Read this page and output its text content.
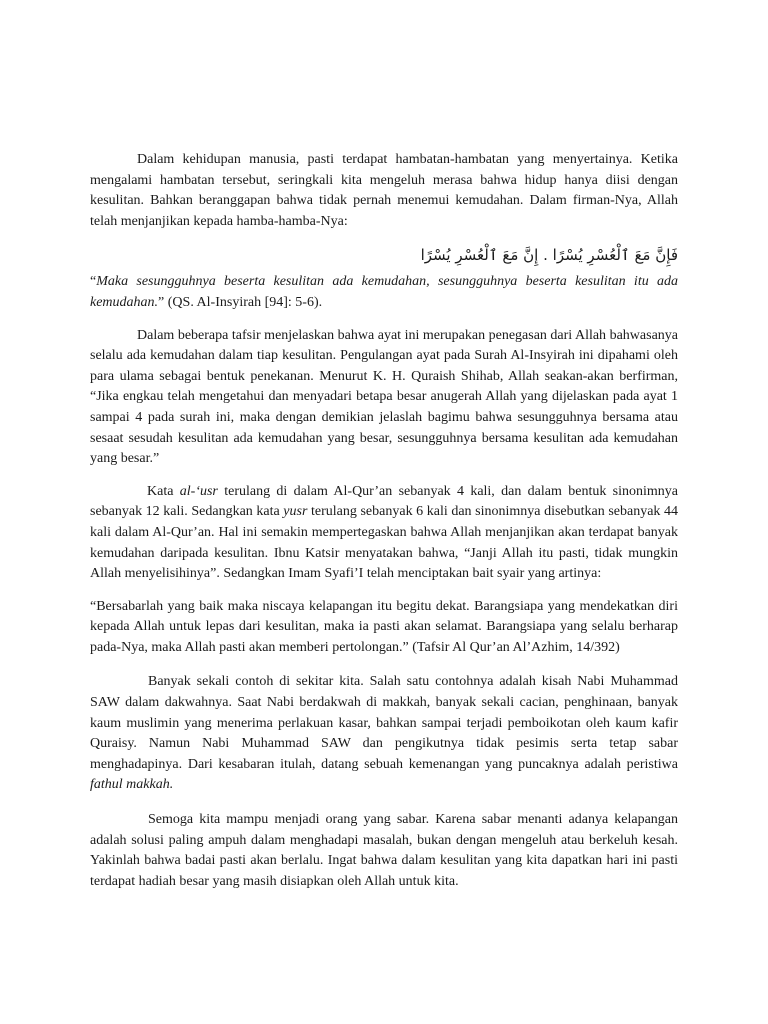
Dalam kehidupan manusia, pasti terdapat hambatan-hambatan yang menyertainya. Ketika mengalami hambatan tersebut, seringkali kita mengeluh merasa bahwa hidup hanya diisi dengan kesulitan. Bahkan beranggapan bahwa tidak pernah menemui kemudahan. Dalam firman-Nya, Allah telah menjanjikan kepada hamba-hamba-Nya:

فَإِنَّ مَعَ ٱلْعُسْرِ يُسْرًا . إِنَّ مَعَ ٱلْعُسْرِ يُسْرًا

“Maka sesungguhnya beserta kesulitan ada kemudahan, sesungguhnya beserta kesulitan itu ada kemudahan.” (QS. Al-Insyirah [94]: 5-6).

Dalam beberapa tafsir menjelaskan bahwa ayat ini merupakan penegasan dari Allah bahwasanya selalu ada kemudahan dalam tiap kesulitan. Pengulangan ayat pada Surah Al-Insyirah ini dipahami oleh para ulama sebagai bentuk penekanan. Menurut K. H. Quraish Shihab, Allah seakan-akan berfirman, “Jika engkau telah mengetahui dan menyadari betapa besar anugerah Allah yang dijelaskan pada ayat 1 sampai 4 pada surah ini, maka dengan demikian jelaslah bagimu bahwa sesungguhnya bersama atau sesaat sesudah kesulitan ada kemudahan yang besar, sesungguhnya bersama kesulitan ada kemudahan yang besar.”

Kata al-‘usr terulang di dalam Al-Qur’an sebanyak 4 kali, dan dalam bentuk sinonimnya sebanyak 12 kali. Sedangkan kata yusr terulang sebanyak 6 kali dan sinonimnya disebutkan sebanyak 44 kali dalam Al-Qur’an. Hal ini semakin mempertegaskan bahwa Allah menjanjikan akan terdapat banyak kemudahan daripada kesulitan. Ibnu Katsir menyatakan bahwa, “Janji Allah itu pasti, tidak mungkin Allah menyelisihinya”. Sedangkan Imam Syafi’I telah menciptakan bait syair yang artinya:

“Bersabarlah yang baik maka niscaya kelapangan itu begitu dekat. Barangsiapa yang mendekatkan diri kepada Allah untuk lepas dari kesulitan, maka ia pasti akan selamat. Barangsiapa yang selalu berharap pada-Nya, maka Allah pasti akan memberi pertolongan.” (Tafsir Al Qur’an Al’Azhim, 14/392)

Banyak sekali contoh di sekitar kita. Salah satu contohnya adalah kisah Nabi Muhammad SAW dalam dakwahnya. Saat Nabi berdakwah di makkah, banyak sekali cacian, penghinaan, banyak kaum muslimin yang menerima perlakuan kasar, bahkan sampai terjadi pemboikotan oleh kaum kafir Quraisy. Namun Nabi Muhammad SAW dan pengikutnya tidak pesimis serta tetap sabar menghadapinya. Dari kesabaran itulah, datang sebuah kemenangan yang puncaknya adalah peristiwa fathul makkah.

Semoga kita mampu menjadi orang yang sabar. Karena sabar menanti adanya kelapangan adalah solusi paling ampuh dalam menghadapi masalah, bukan dengan mengeluh atau berkeluh kesah. Yakinlah bahwa badai pasti akan berlalu. Ingat bahwa dalam kesulitan yang kita dapatkan hari ini pasti terdapat hadiah besar yang masih disiapkan oleh Allah untuk kita.
